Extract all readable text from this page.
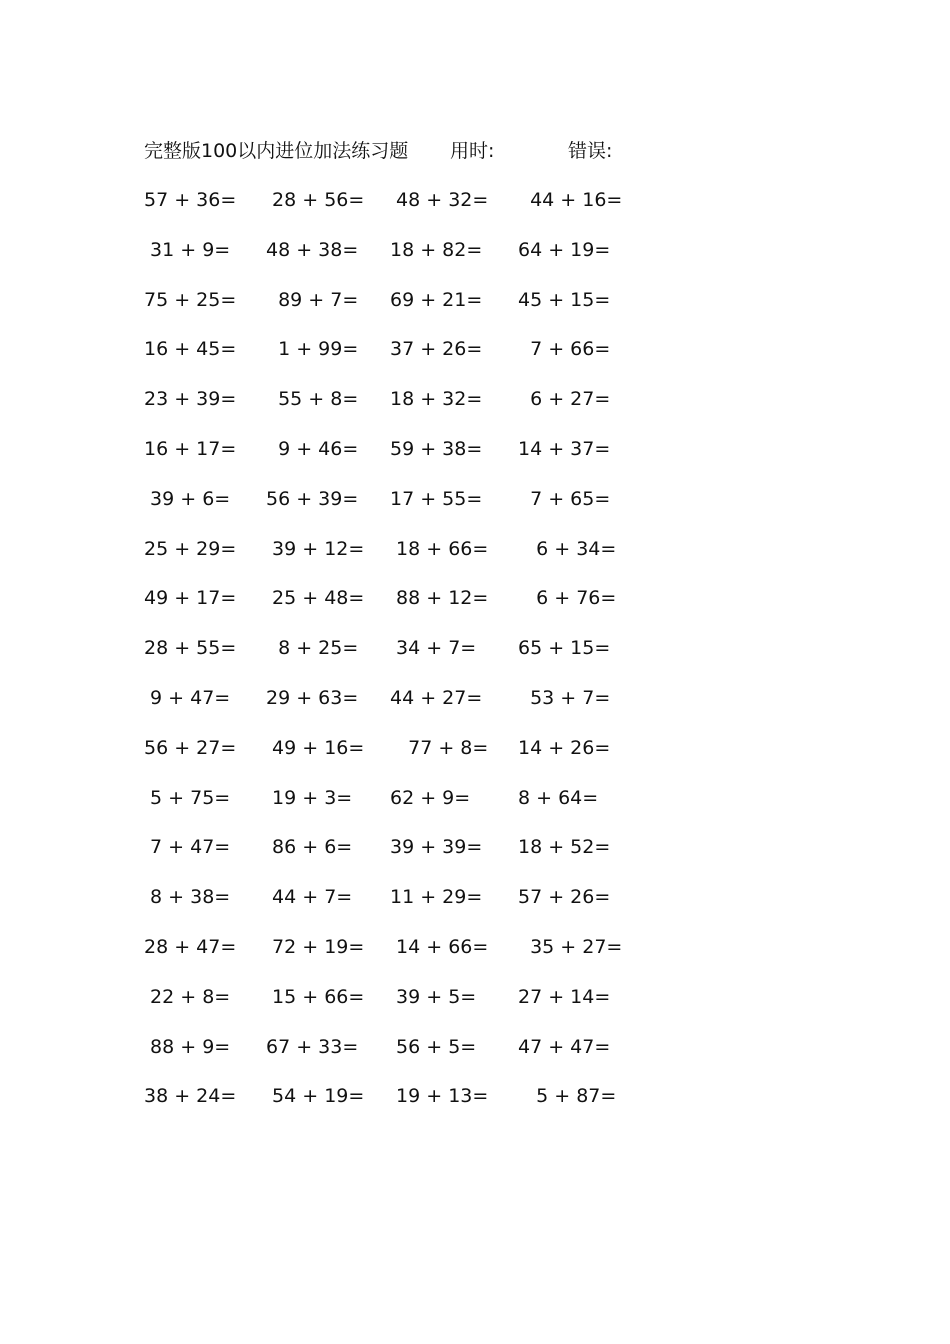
完整版100以内进位加法练习题 用时:	错误:
57 + 36= 28 + 56= 48 + 32= 44 + 16=
31 + 9= 48 + 38= 18 + 82= 64 + 19=
75 + 25= 89 + 7= 69 + 21= 45 + 15=
16 + 45= 1 + 99= 37 + 26= 7 + 66=
23 + 39= 55 + 8= 18 + 32= 6 + 27=
16 + 17= 9 + 46= 59 + 38= 14 + 37=
39 + 6= 56 + 39= 17 + 55= 7 + 65=
25 + 29= 39 + 12= 18 + 66= 6 + 34=
49 + 17= 25 + 48= 88 + 12= 6 + 76=
28 + 55= 8 + 25= 34 + 7= 65 + 15=
9 + 47= 29 + 63= 44 + 27= 53 + 7=
56 + 27= 49 + 16= 77 + 8= 14 + 26=
5 + 75= 19 + 3= 62 + 9=	8 + 64=
7 + 47= 86 + 6= 39 + 39= 18 + 52=
8 + 38= 44 + 7= 11 + 29= 57 + 26=
28 + 47= 72 + 19= 14 + 66= 35 + 27=
22 + 8= 15 + 66= 39 + 5= 27 + 14=
88 + 9= 67 + 33= 56 + 5= 47 + 47=
38 + 24= 54 + 19= 19 + 13= 5 + 87=
